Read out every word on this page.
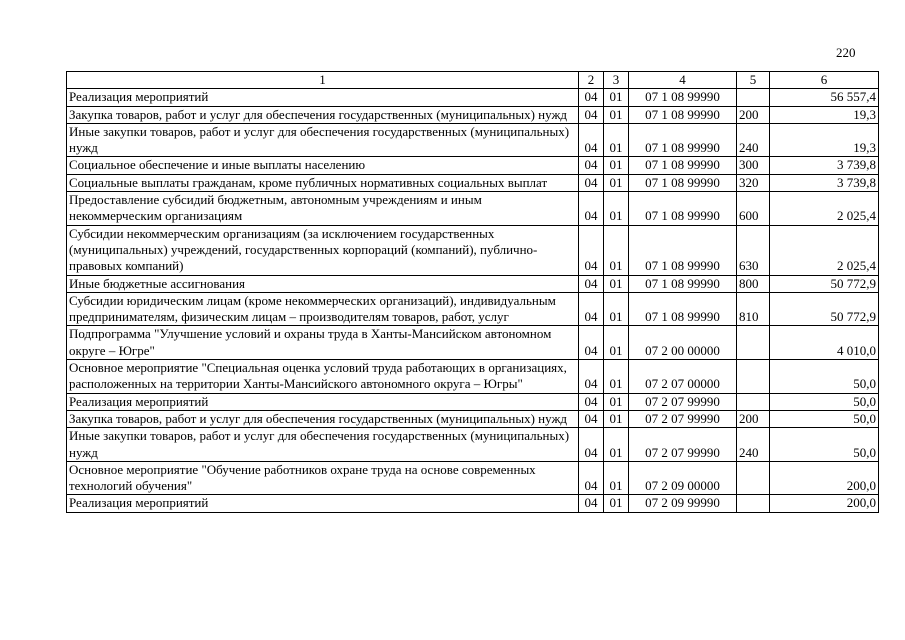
220
1	2	3	4	5	6
Реализация мероприятий	04	01	07 1 08 99990		56 557,4
Закупка товаров, работ и услуг для обеспечения государственных (муниципальных) нужд	04	01	07 1 08 99990	200	19,3
Иные закупки товаров, работ и услуг для обеспечения государственных (муниципальных) нужд	04	01	07 1 08 99990	240	19,3
Социальное обеспечение и иные выплаты населению	04	01	07 1 08 99990	300	3 739,8
Социальные выплаты гражданам, кроме публичных нормативных социальных выплат	04	01	07 1 08 99990	320	3 739,8
Предоставление субсидий бюджетным, автономным учреждениям и иным некоммерческим организациям	04	01	07 1 08 99990	600	2 025,4
Субсидии некоммерческим организациям (за исключением государственных (муниципальных) учреждений, государственных корпораций (компаний), публично-правовых компаний)	04	01	07 1 08 99990	630	2 025,4
Иные бюджетные ассигнования	04	01	07 1 08 99990	800	50 772,9
Субсидии юридическим лицам (кроме некоммерческих организаций), индивидуальным предпринимателям, физическим лицам – производителям товаров, работ, услуг	04	01	07 1 08 99990	810	50 772,9
Подпрограмма "Улучшение условий и охраны труда в Ханты-Мансийском автономном округе – Югре"	04	01	07 2 00 00000		4 010,0
Основное мероприятие "Специальная оценка условий труда работающих в организациях, расположенных на территории Ханты-Мансийского автономного округа – Югры"	04	01	07 2 07 00000		50,0
Реализация мероприятий	04	01	07 2 07 99990		50,0
Закупка товаров, работ и услуг для обеспечения государственных (муниципальных) нужд	04	01	07 2 07 99990	200	50,0
Иные закупки товаров, работ и услуг для обеспечения государственных (муниципальных) нужд	04	01	07 2 07 99990	240	50,0
Основное мероприятие "Обучение работников охране труда на основе современных технологий обучения"	04	01	07 2 09 00000		200,0
Реализация мероприятий	04	01	07 2 09 99990		200,0
